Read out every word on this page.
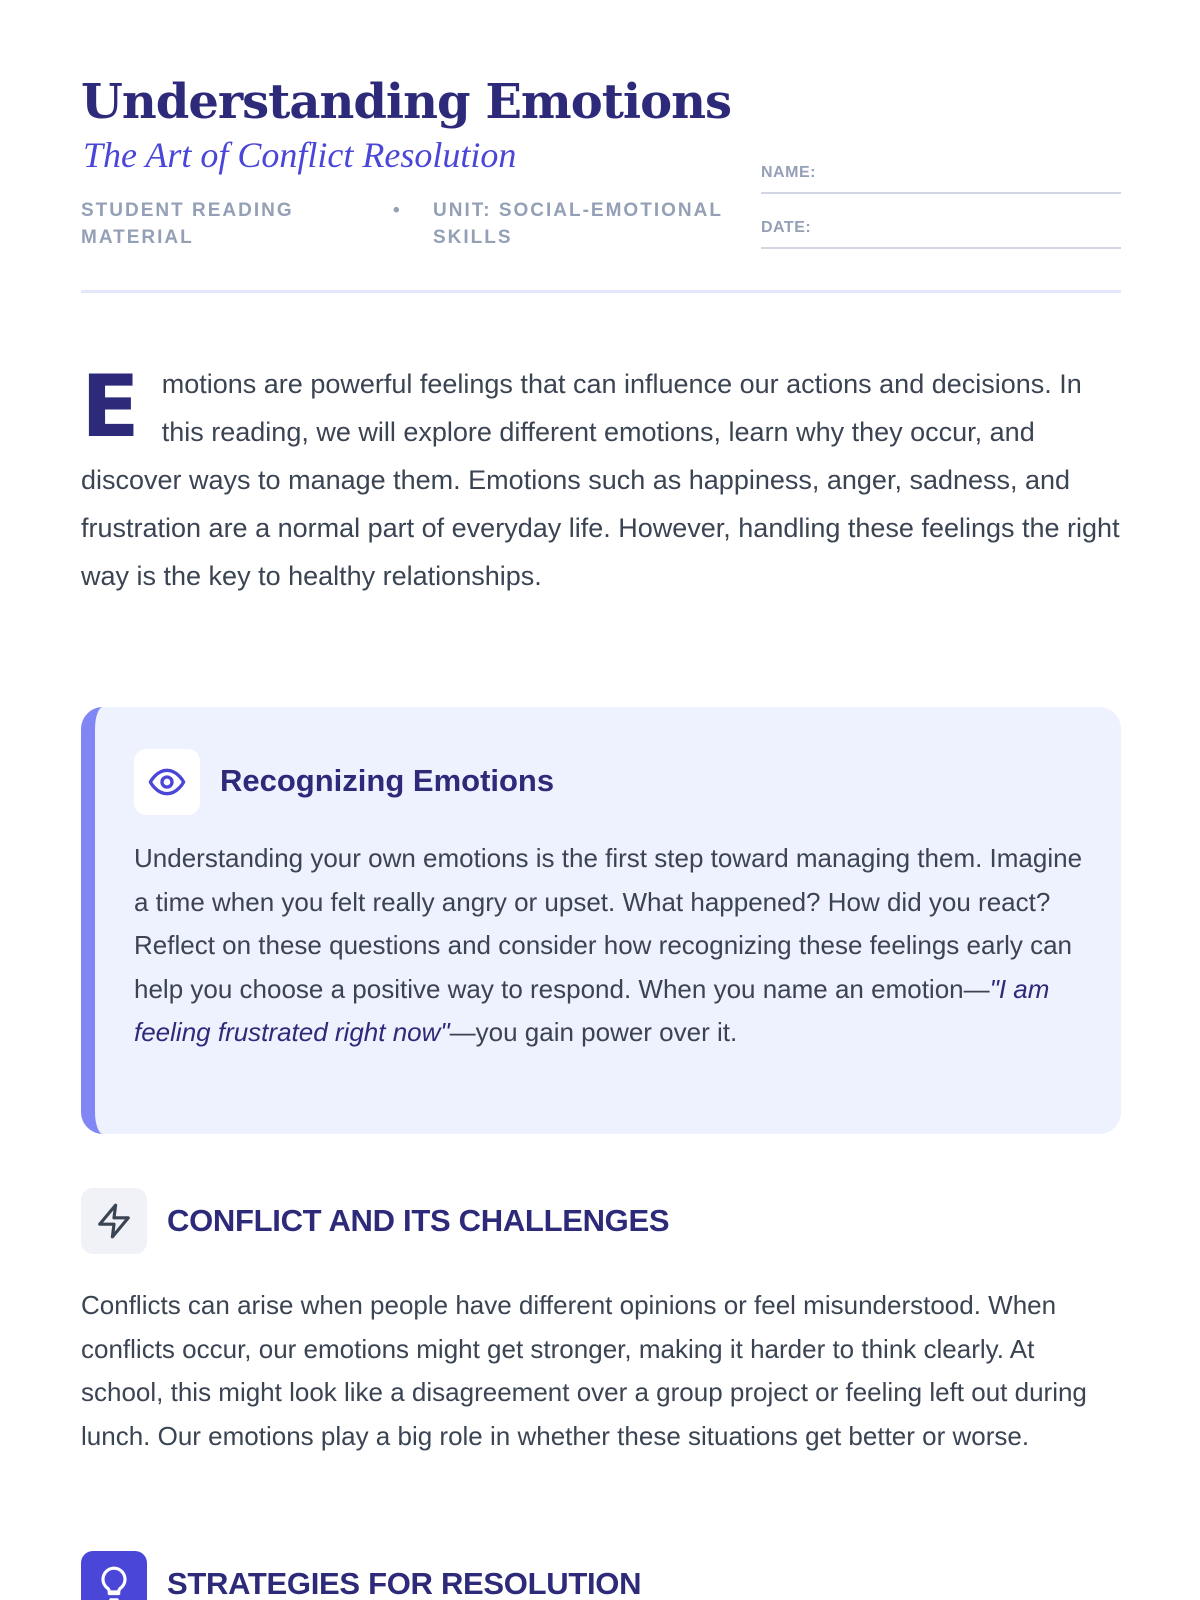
Understanding Emotions
The Art of Conflict Resolution
STUDENT READING MATERIAL
• UNIT: SOCIAL-EMOTIONAL SKILLS
NAME:
DATE:
E motions are powerful feelings that can influence our actions and decisions. In this reading, we will explore different emotions, learn why they occur, and discover ways to manage them. Emotions such as happiness, anger, sadness, and frustration are a normal part of everyday life. However, handling these feelings the right way is the key to healthy relationships.
Recognizing Emotions

Understanding your own emotions is the first step toward managing them. Imagine a time when you felt really angry or upset. What happened? How did you react? Reflect on these questions and consider how recognizing these feelings early can help you choose a positive way to respond. When you name an emotion—"I am feeling frustrated right now"—you gain power over it.

CONFLICT AND ITS CHALLENGES

Conflicts can arise when people have different opinions or feel misunderstood. When conflicts occur, our emotions might get stronger, making it harder to think clearly. At school, this might look like a disagreement over a group project or feeling left out during lunch. Our emotions play a big role in whether these situations get better or worse.

STRATEGIES FOR RESOLUTION
